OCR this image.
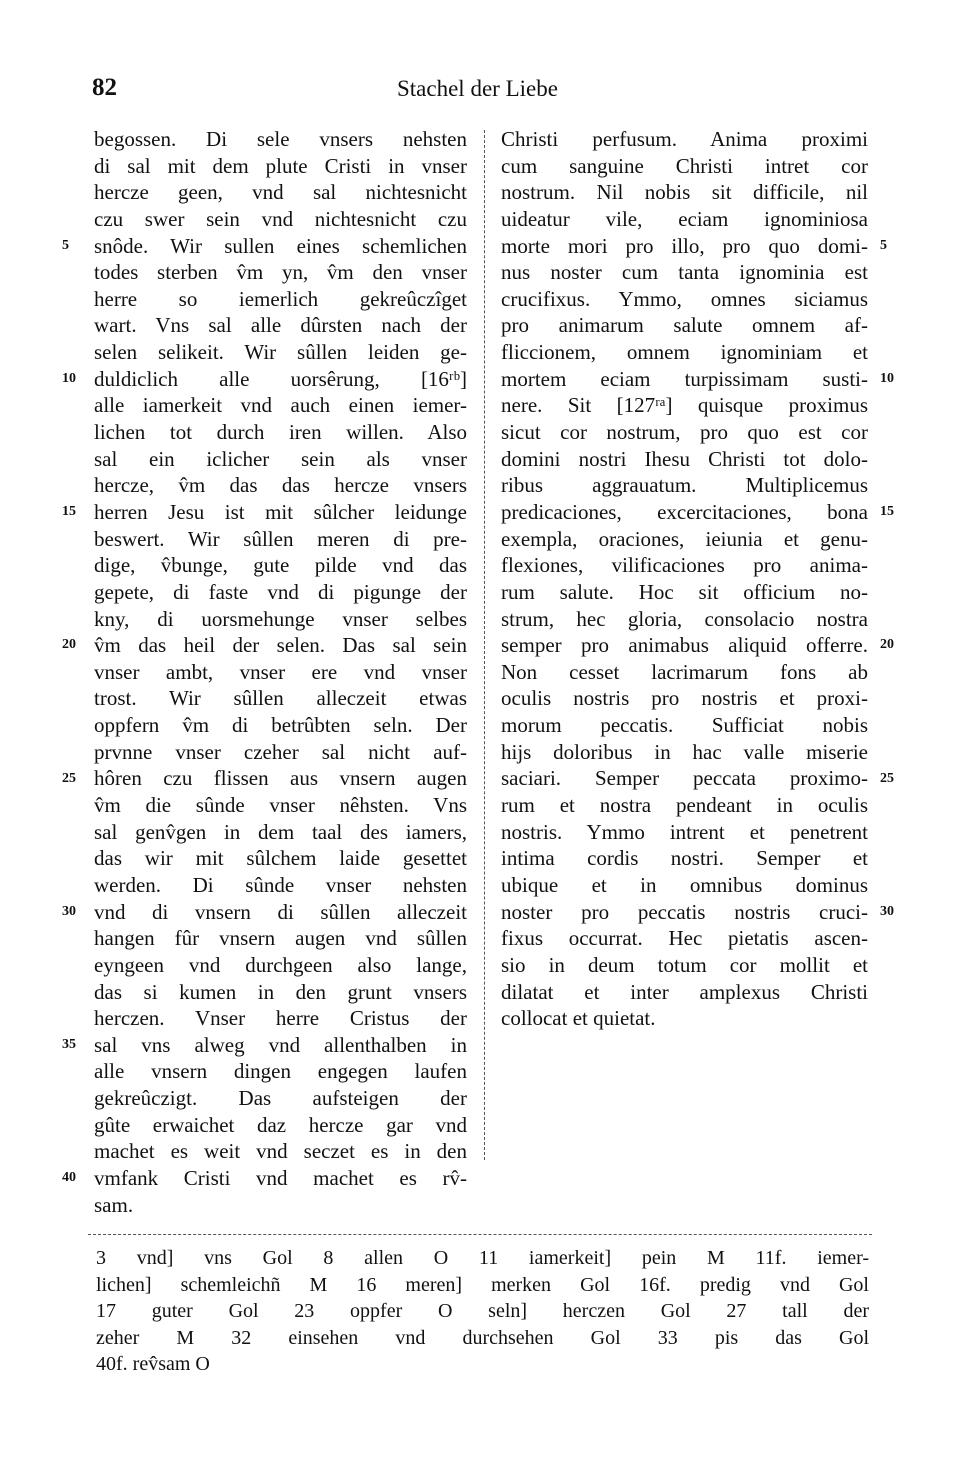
82	Stachel der Liebe
begossen. Di sele vnsers nehsten
di sal mit dem plute Cristi in vnser
hercze geen, vnd sal nichtesnicht
czu swer sein vnd nichtesnicht czu
snôde. Wir sullen eines schemlichen
todes sterben v̂m yn, v̂m den vnser
herre so iemerlich gekreûczîget
wart. Vns sal alle dûrsten nach der
selen selikeit. Wir sûllen leiden ge-
duldiclich alle uorsêrung, [16ʳᵇ]
alle iamerkeit vnd auch einen iemer-
lichen tot durch iren willen. Also
sal ein iclicher sein als vnser
hercze, v̂m das das hercze vnsers
herren Jesu ist mit sûlcher leidunge
beswert. Wir sûllen meren di pre-
dige, v̂bunge, gute pilde vnd das
gepete, di faste vnd di pigunge der
kny, di uorsmehunge vnser selbes
v̂m das heil der selen. Das sal sein
vnser ambt, vnser ere vnd vnser
trost. Wir sûllen alleczeit etwas
oppfern v̂m di betrûbten seln. Der
prvnne vnser czeher sal nicht auf-
hôren czu flissen aus vnsern augen
v̂m die sûnde vnser nêhsten. Vns
sal genv̂gen in dem taal des iamers,
das wir mit sûlchem laide gesettet
werden. Di sûnde vnser nehsten
vnd di vnsern di sûllen alleczeit
hangen fûr vnsern augen vnd sûllen
eyngeen vnd durchgeen also lange,
das si kumen in den grunt vnsers
herczen. Vnser herre Cristus der
sal vns alweg vnd allenthalben in
alle vnsern dingen engegen laufen
gekreûczigt. Das aufsteigen der
gûte erwaichet daz hercze gar vnd
machet es weit vnd seczet es in den
vmfank Cristi vnd machet es rv̂-
sam.
Christi perfusum. Anima proximi
cum sanguine Christi intret cor
nostrum. Nil nobis sit difficile, nil
uideatur vile, eciam ignominiosa
morte mori pro illo, pro quo domi-
nus noster cum tanta ignominia est
crucifixus. Ymmo, omnes siciamus
pro animarum salute omnem af-
fliccionem, omnem ignominiam et
mortem eciam turpissimam susti-
nere. Sit [127ʳᵃ] quisque proximus
sicut cor nostrum, pro quo est cor
domini nostri Ihesu Christi tot dolo-
ribus aggrauatum. Multiplicemus
predicaciones, excercitaciones, bona
exempla, oraciones, ieiunia et genu-
flexiones, vilificaciones pro anima-
rum salute. Hoc sit officium no-
strum, hec gloria, consolacio nostra
semper pro animabus aliquid offerre.
Non cesset lacrimarum fons ab
oculis nostris pro nostris et proxi-
morum peccatis. Sufficiat nobis
hijs doloribus in hac valle miserie
saciari. Semper peccata proximo-
rum et nostra pendeant in oculis
nostris. Ymmo intrent et penetrent
intima cordis nostri. Semper et
ubique et in omnibus dominus
noster pro peccatis nostris cruci-
fixus occurrat. Hec pietatis ascen-
sio in deum totum cor mollit et
dilatat et inter amplexus Christi
collocat et quietat.
5
10
15
20
25
30
35
40
5
10
15
20
25
30
3 vnd] vns Gol 8 allen O 11 iamerkeit] pein M 11f. iemer-
lichen] schemleichñ M 16 meren] merken Gol 16f. predig vnd Gol
17 guter Gol 23 oppfer O seln] herczen Gol 27 tall der
zeher M 32 einsehen vnd durchsehen Gol 33 pis das Gol
40f. rev̂sam O
